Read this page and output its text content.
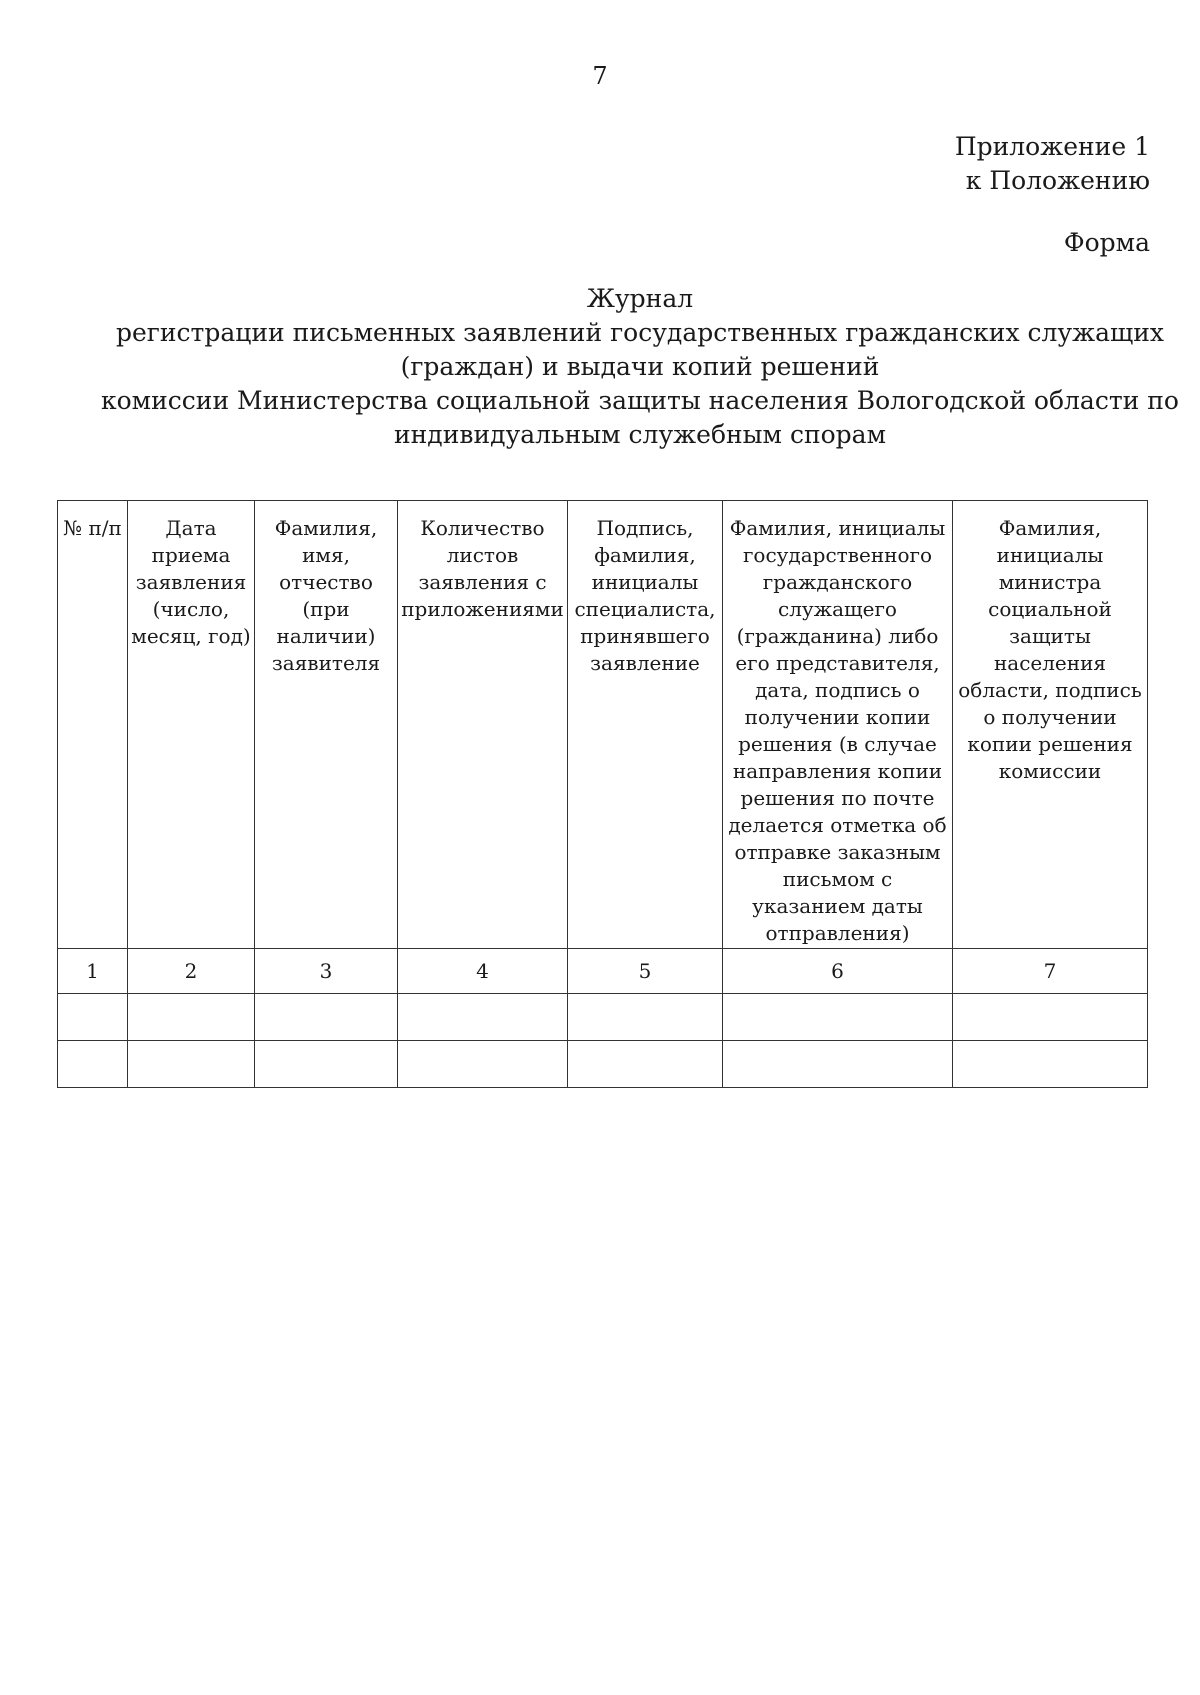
7
Приложение 1
к Положению
Форма
Журнал
регистрации письменных заявлений государственных гражданских служащих
(граждан) и выдачи копий решений
комиссии Министерства социальной защиты населения Вологодской области по
индивидуальным служебным спорам
№ п/п	Дата приема заявления (число, месяц, год)	Фамилия, имя, отчество (при наличии) заявителя	Количество листов заявления с приложениями	Подпись, фамилия, инициалы специалиста, принявшего заявление	Фамилия, инициалы государственного гражданского служащего (гражданина) либо его представителя, дата, подпись о получении копии решения (в случае направления копии решения по почте делается отметка об отправке заказным письмом с указанием даты отправления)	Фамилия, инициалы министра социальной защиты населения области, подпись о получении копии решения комиссии
1	2	3	4	5	6	7
